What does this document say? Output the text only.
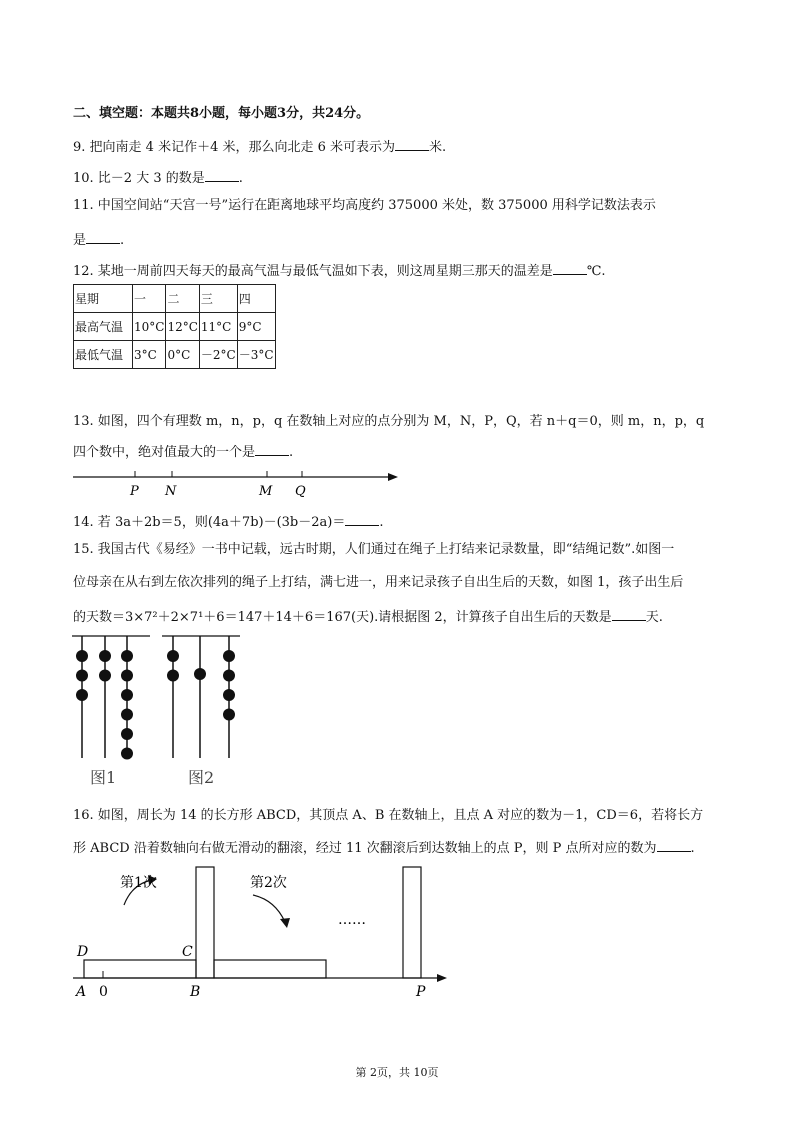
二、填空题：本题共8小题，每小题3分，共24分。
9. 把向南走 4 米记作＋4 米，那么向北走 6 米可表示为	米.
10. 比－2 大 3 的数是	.
11. 中国空间站“天宫一号”运行在距离地球平均高度约 375000 米处，数 375000 用科学记数法表示
是	.
12. 某地一周前四天每天的最高气温与最低气温如下表，则这周星期三那天的温差是	℃.
星期	一	二	三	四
最高气温	10°C	12°C	11°C	9°C
最低气温	3°C	0°C	－2°C	－3°C
13. 如图，四个有理数 m，n，p，q 在数轴上对应的点分别为 M，N，P，Q，若 n＋q＝0，则 m，n，p，q
四个数中，绝对值最大的一个是	.
P N	M Q
14. 若 3a＋2b＝5，则(4a＋7b)－(3b－2a)＝	.
15. 我国古代《易经》一书中记载，远古时期，人们通过在绳子上打结来记录数量，即“结绳记数”.如图一
位母亲在从右到左依次排列的绳子上打结，满七进一，用来记录孩子自出生后的天数，如图 1，孩子出生后
的天数＝3×7²＋2×7¹＋6＝147＋14＋6＝167(天).请根据图 2，计算孩子自出生后的天数是	天.
图1	图2
16. 如图，周长为 14 的长方形 ABCD，其顶点 A、B 在数轴上，且点 A 对应的数为－1，CD＝6，若将长方
形 ABCD 沿着数轴向右做无滑动的翻滚，经过 11 次翻滚后到达数轴上的点 P，则 P 点所对应的数为	.
第1次	第2次
……
D	C
A 0	B	P
第 2页，共 10页
